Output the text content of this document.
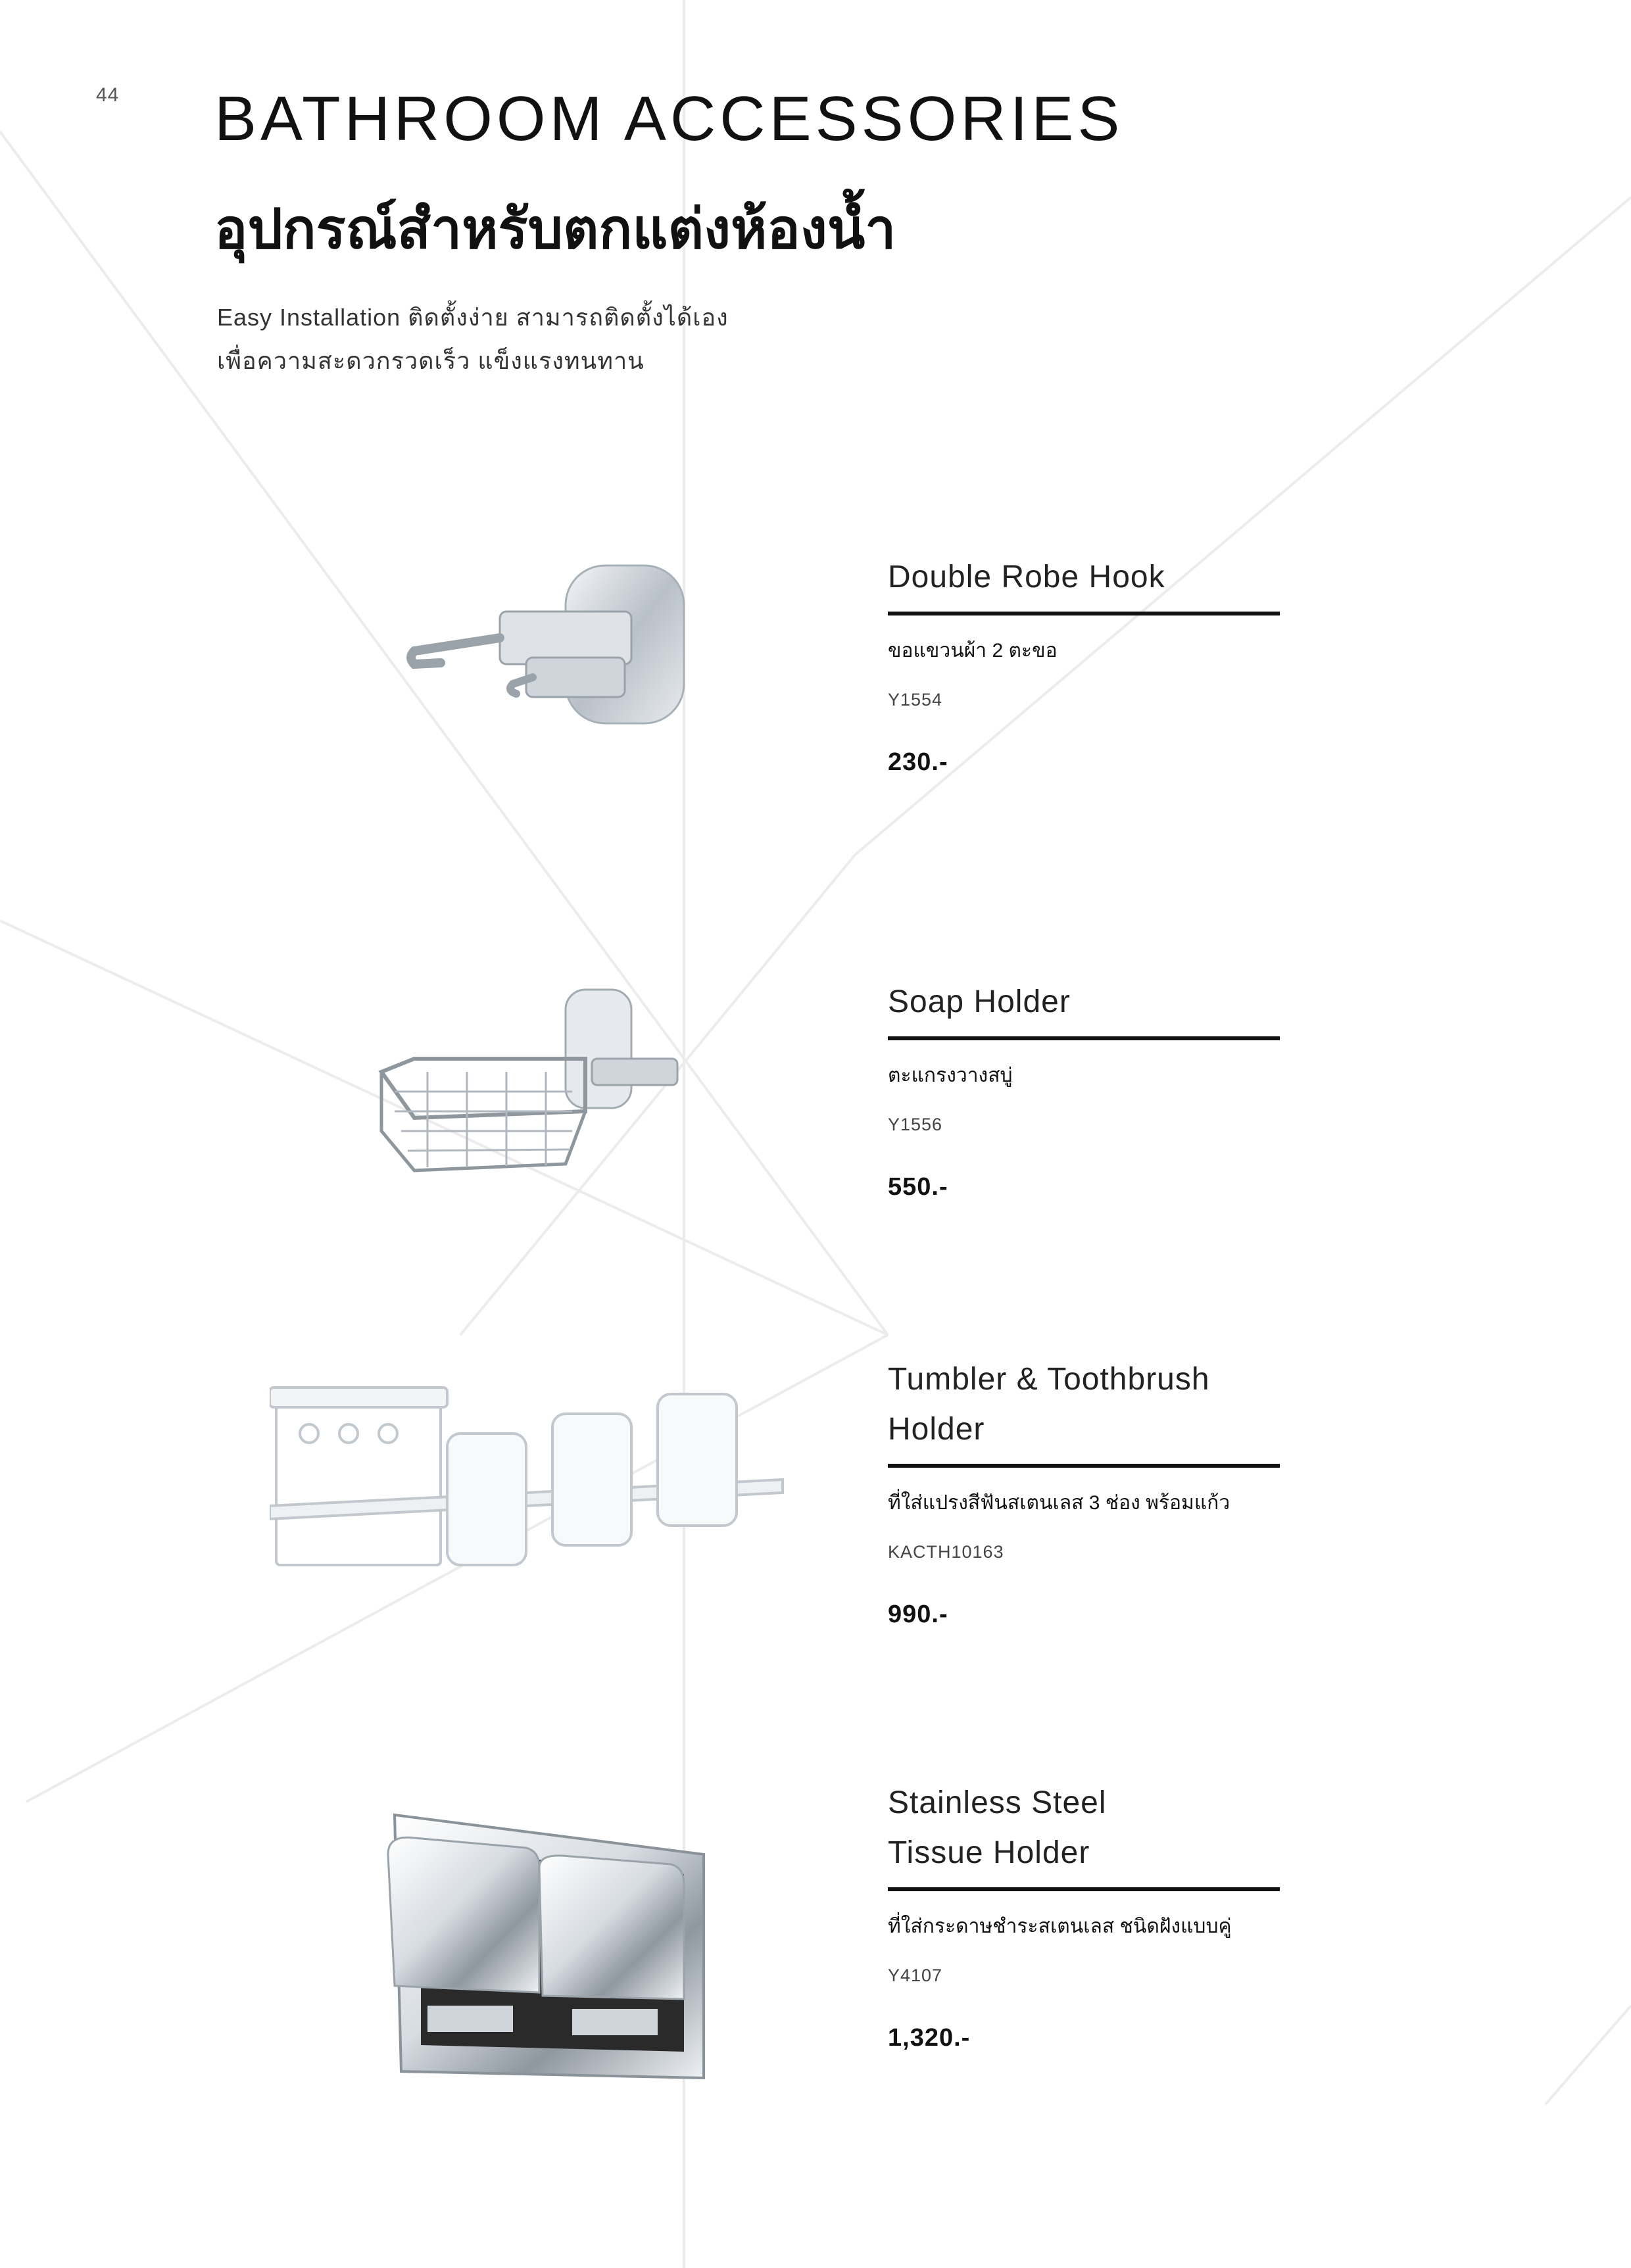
44 BATHROOM ACCESSORIES
อุปกรณ์สำหรับตกแต่งห้องน้ำ
Easy Installation ติดตั้งง่าย สามารถติดตั้งได้เอง
เพื่อความสะดวกรวดเร็ว แข็งแรงทนทาน
Double Robe Hook
ขอแขวนผ้า 2 ตะขอ
Y1554
230.-
Soap Holder
ตะแกรงวางสบู่
Y1556
550.-
Tumbler & Toothbrush
Holder
ที่ใส่แปรงสีฟันสเตนเลส 3 ช่อง พร้อมแก้ว
KACTH10163
990.-
Stainless Steel
Tissue Holder
ที่ใส่กระดาษชำระสเตนเลส ชนิดฝังแบบคู่
Y4107
1,320.-
